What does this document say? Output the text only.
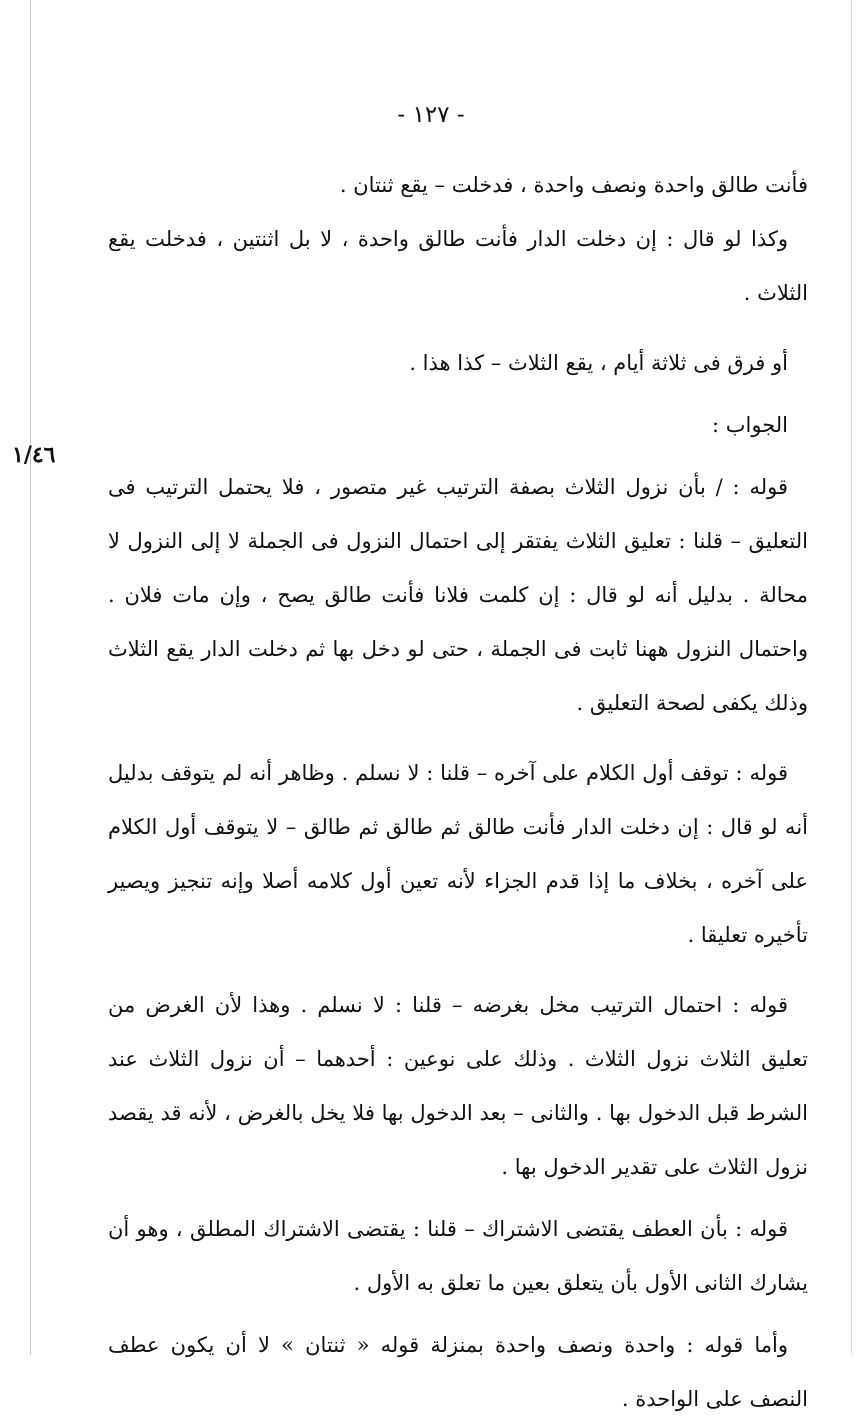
- ١٢٧ -
١/٤٦

فأنت طالق واحدة ونصف واحدة ، فدخلت – يقع ثنتان .

وكذا لو قال : إن دخلت الدار فأنت طالق واحدة ، لا بل اثنتين ، فدخلت يقع الثلاث .

أو فرق فى ثلاثة أيام ، يقع الثلاث – كذا هذا .

الجواب :

قوله : / بأن نزول الثلاث بصفة الترتيب غير متصور ، فلا يحتمل الترتيب فى التعليق – قلنا : تعليق الثلاث يفتقر إلى احتمال النزول فى الجملة لا إلى النزول لا محالة . بدليل أنه لو قال : إن كلمت فلانا فأنت طالق يصح ، وإن مات فلان . واحتمال النزول ههنا ثابت فى الجملة ، حتى لو دخل بها ثم دخلت الدار يقع الثلاث وذلك يكفى لصحة التعليق .

قوله : توقف أول الكلام على آخره – قلنا : لا نسلم . وظاهر أنه لم يتوقف بدليل أنه لو قال : إن دخلت الدار فأنت طالق ثم طالق ثم طالق – لا يتوقف أول الكلام على آخره ، بخلاف ما إذا قدم الجزاء لأنه تعين أول كلامه أصلا وإنه تنجيز ويصير تأخيره تعليقا .

قوله : احتمال الترتيب مخل بغرضه – قلنا : لا نسلم . وهذا لأن الغرض من تعليق الثلاث نزول الثلاث . وذلك على نوعين : أحدهما – أن نزول الثلاث عند الشرط قبل الدخول بها . والثانى – بعد الدخول بها فلا يخل بالغرض ، لأنه قد يقصد نزول الثلاث على تقدير الدخول بها .

قوله : بأن العطف يقتضى الاشتراك – قلنا : يقتضى الاشتراك المطلق ، وهو أن يشارك الثانى الأول بأن يتعلق بعين ما تعلق به الأول .

وأما قوله : واحدة ونصف واحدة بمنزلة قوله « ثنتان » لا أن يكون عطف النصف على الواحدة .
